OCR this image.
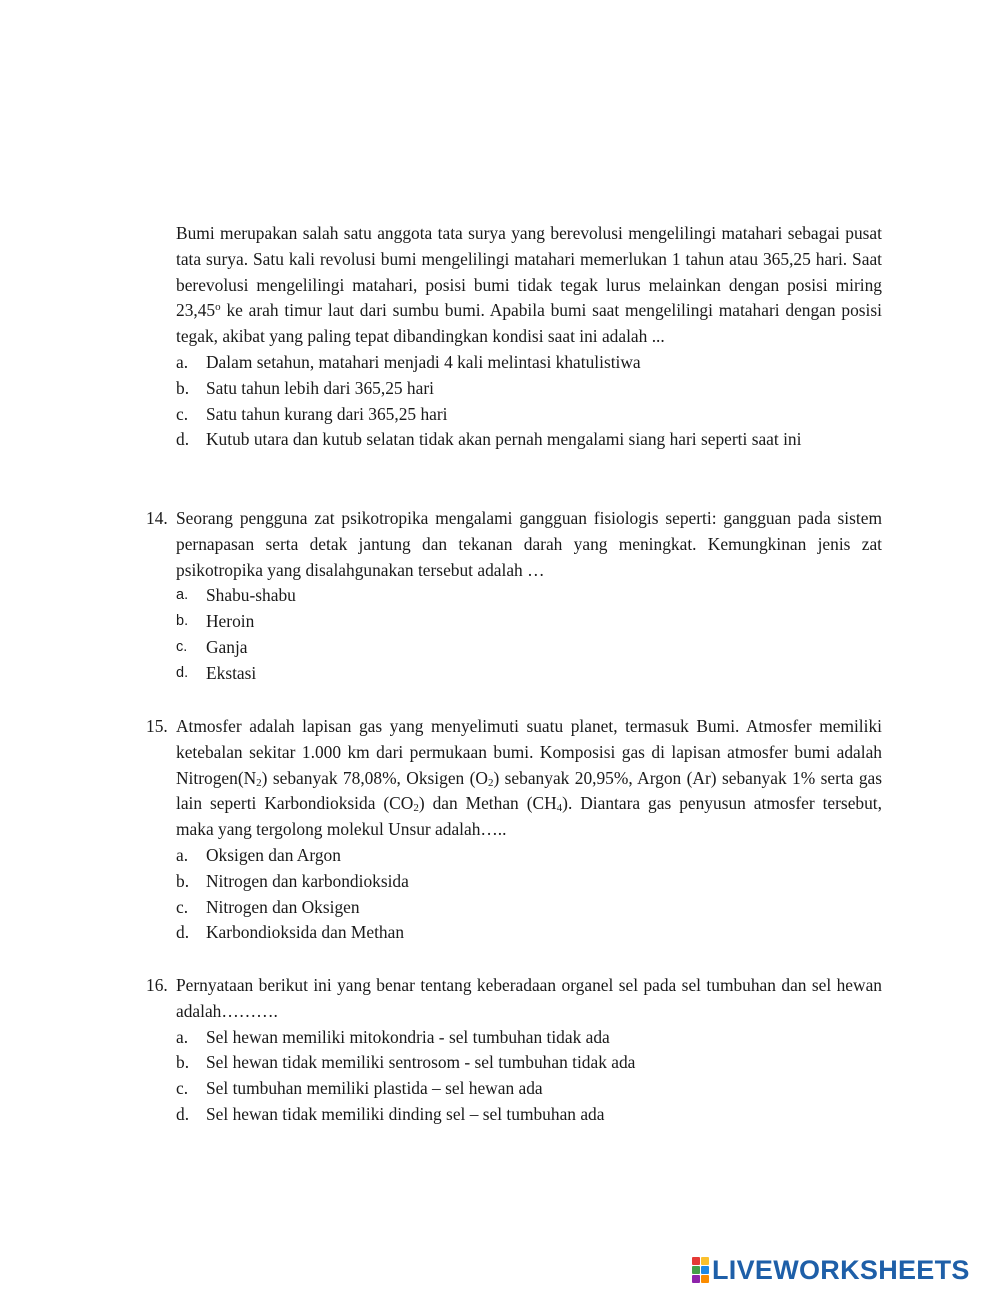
Bumi merupakan salah satu anggota tata surya yang berevolusi mengelilingi matahari sebagai pusat tata surya. Satu kali revolusi bumi mengelilingi matahari memerlukan 1 tahun atau 365,25 hari. Saat berevolusi mengelilingi matahari, posisi bumi tidak tegak lurus melainkan dengan posisi miring 23,45$^o$ ke arah timur laut dari sumbu bumi. Apabila bumi saat mengelilingi matahari dengan posisi tegak, akibat yang paling tepat dibandingkan kondisi saat ini adalah ...

a. Dalam setahun, matahari menjadi 4 kali melintasi khatulistiwa
b. Satu tahun lebih dari 365,25 hari
c. Satu tahun kurang dari 365,25 hari
d. Kutub utara dan kutub selatan tidak akan pernah mengalami siang hari seperti saat ini
14. Seorang pengguna zat psikotropika mengalami gangguan fisiologis seperti: gangguan pada sistem pernapasan serta detak jantung dan tekanan darah yang meningkat. Kemungkinan jenis zat psikotropika yang disalahgunakan tersebut adalah …

a. Shabu-shabu
b. Heroin
c. Ganja
d. Ekstasi
15. Atmosfer adalah lapisan gas yang menyelimuti suatu planet, termasuk Bumi. Atmosfer memiliki ketebalan sekitar 1.000 km dari permukaan bumi. Komposisi gas di lapisan atmosfer bumi adalah $Nitrogen(N_2)$ sebanyak 78,08%, Oksigen $(O_2)$ sebanyak 20,95%, Argon (Ar) sebanyak 1% serta gas lain seperti Karbondioksida $(CO_2)$ dan Methan $(CH_4)$. Diantara gas penyusun atmosfer tersebut, maka yang tergolong molekul Unsur adalah…..

a. Oksigen dan Argon
b. Nitrogen dan karbondioksida
c. Nitrogen dan Oksigen
d. Karbondioksida dan Methan
16. Pernyataan berikut ini yang benar tentang keberadaan organel sel pada sel tumbuhan dan sel hewan adalah……….

a. Sel hewan memiliki mitokondria - sel tumbuhan tidak ada
b. Sel hewan tidak memiliki sentrosom - sel tumbuhan tidak ada
c. Sel tumbuhan memiliki plastida – sel hewan ada
d. Sel hewan tidak memiliki dinding sel – sel tumbuhan ada
LIVEWORKSHEETS
